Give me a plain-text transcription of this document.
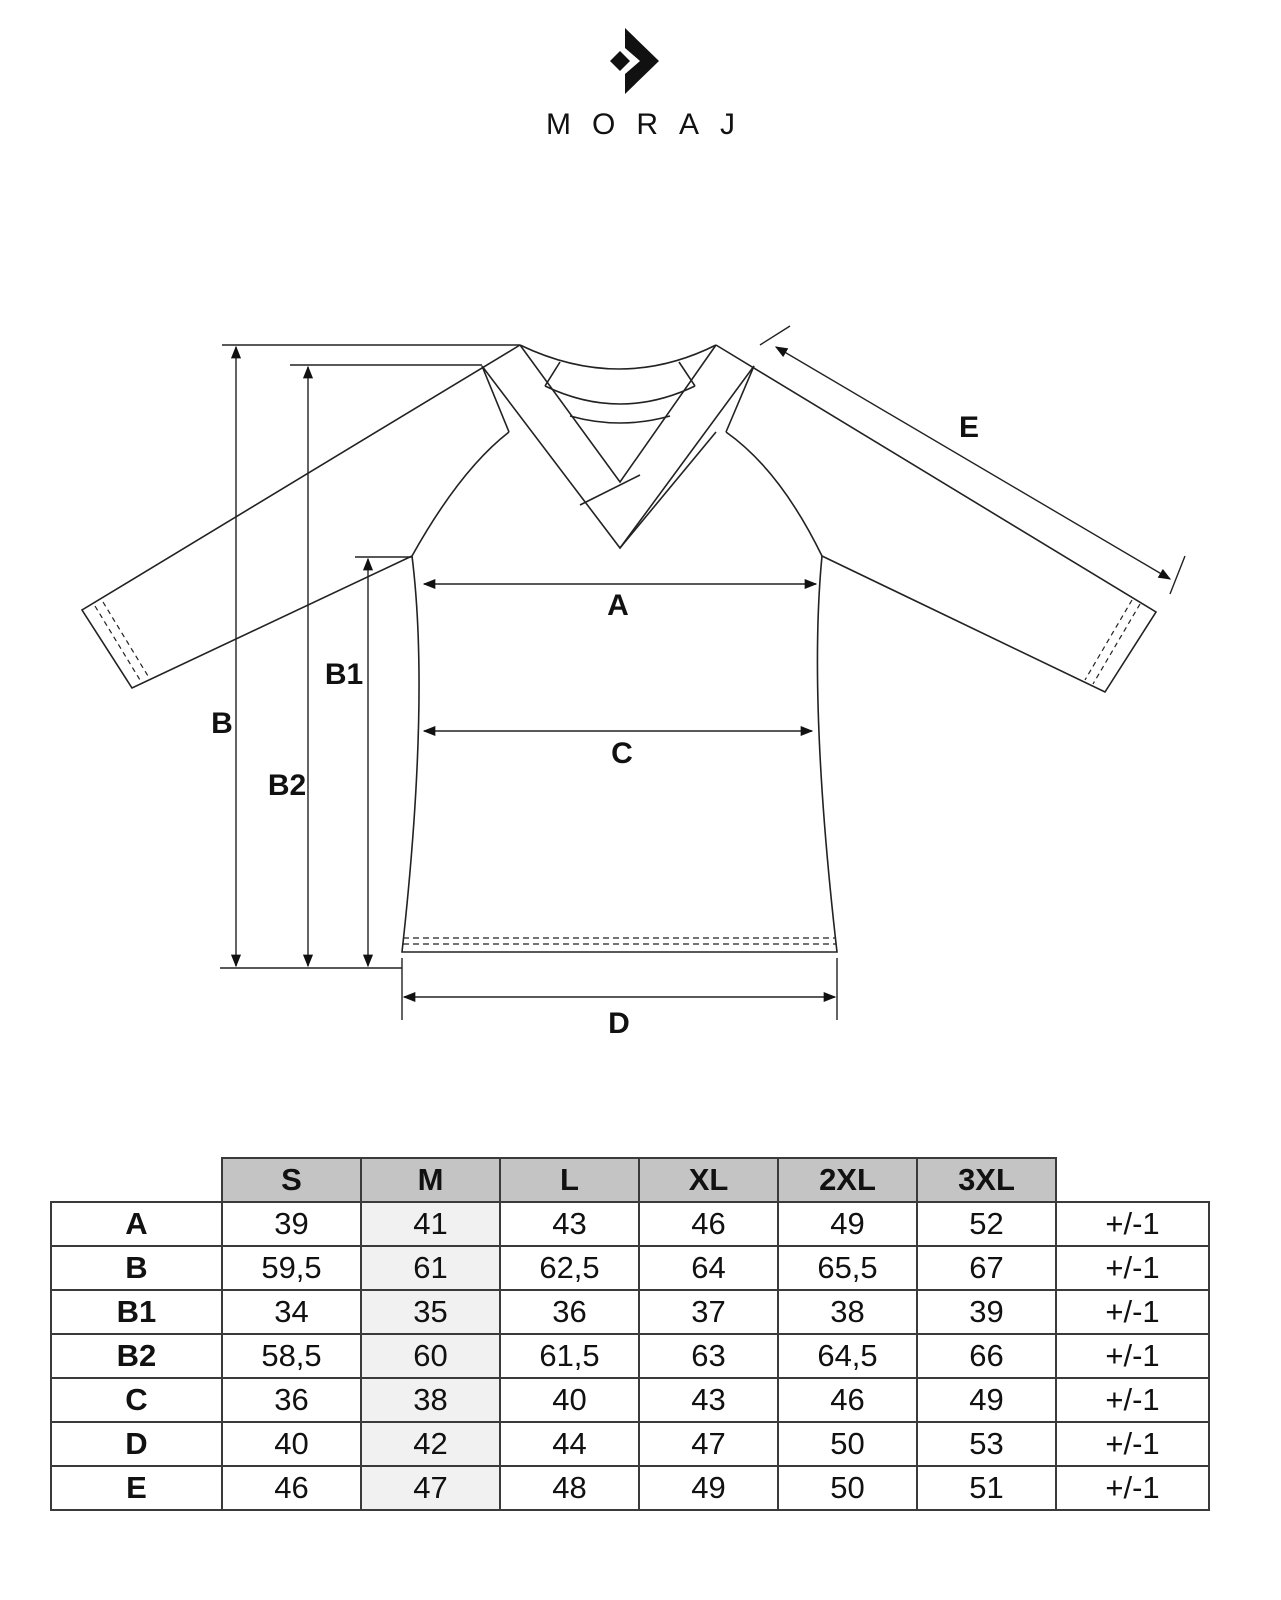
MORAJ
A
B
B1
B2
C
D
E
	S	M	L	XL	2XL	3XL	
A	39	41	43	46	49	52	+/-1
B	59,5	61	62,5	64	65,5	67	+/-1
B1	34	35	36	37	38	39	+/-1
B2	58,5	60	61,5	63	64,5	66	+/-1
C	36	38	40	43	46	49	+/-1
D	40	42	44	47	50	53	+/-1
E	46	47	48	49	50	51	+/-1
